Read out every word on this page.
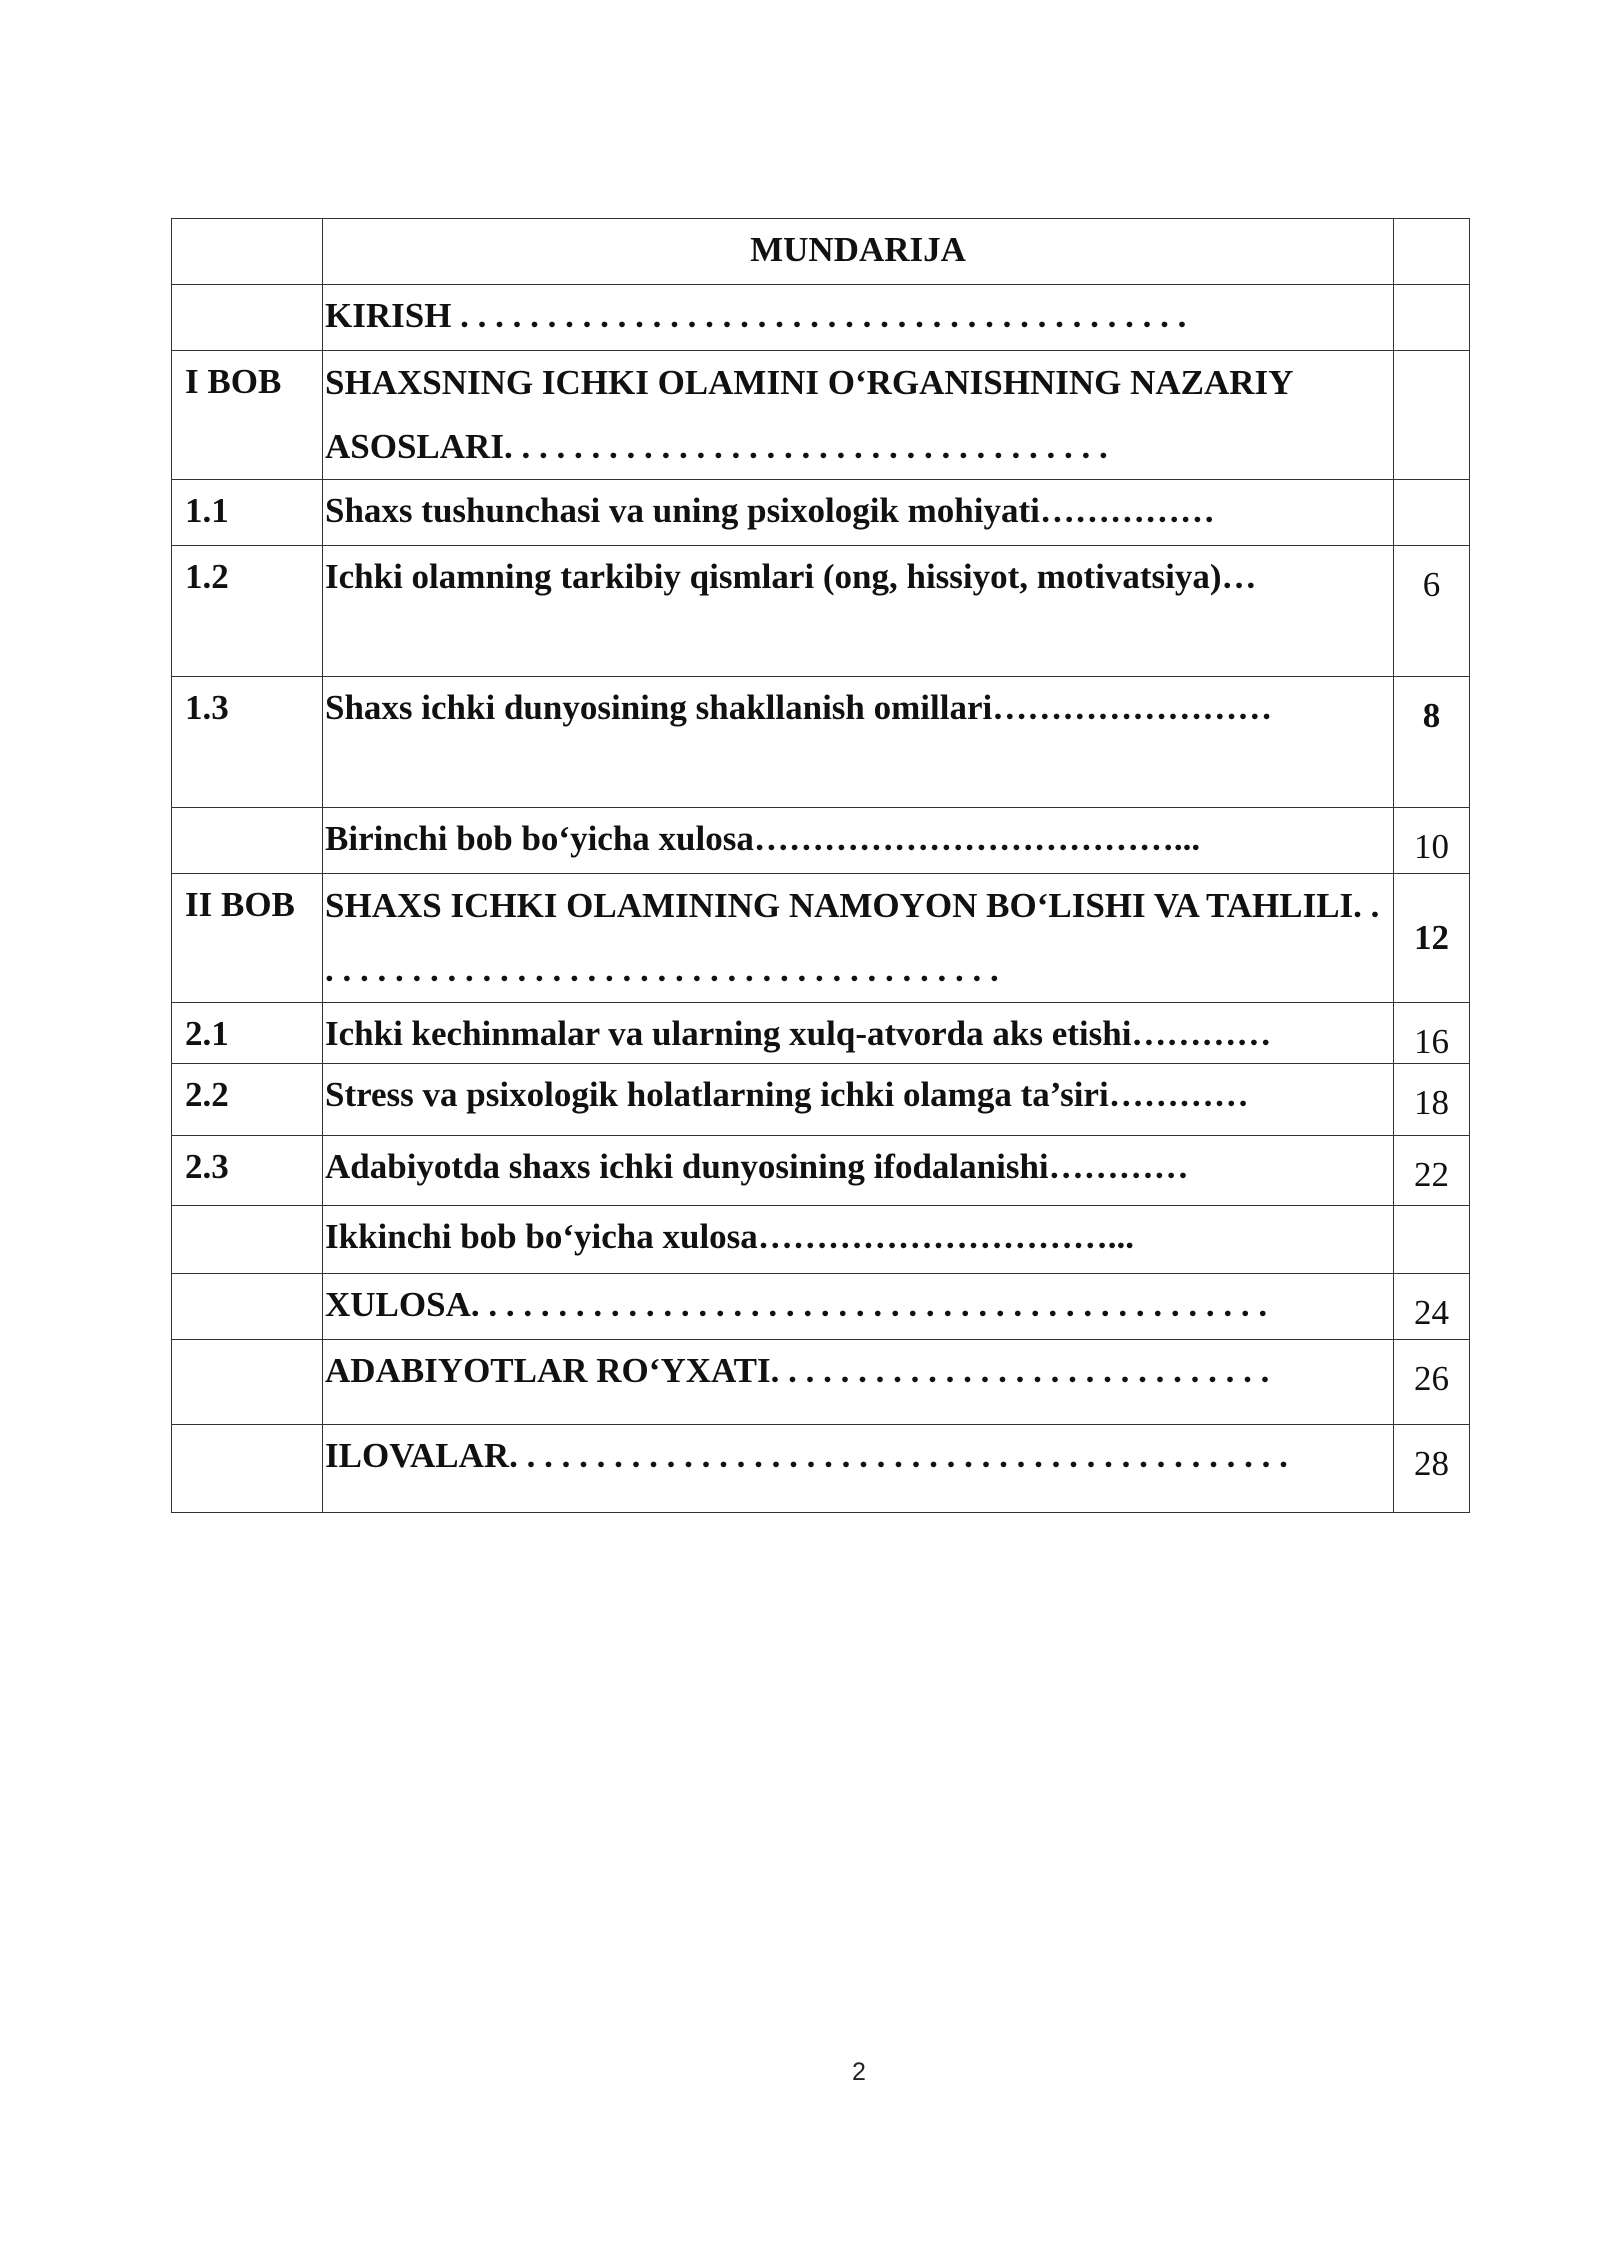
	MUNDARIJA	
	KIRISH . . . . . . . . . . . . . . . . . . . . . . . . . . . . . . . . . . . . . . . . . .	
I BOB	SHAXSNING ICHKI OLAMINI O‘RGANISHNING NAZARIY ASOSLARI. . . . . . . . . . . . . . . . . . . . . . . . . . . . . . . . . . .	
1.1	Shaxs tushunchasi va uning psixologik mohiyati……………	
1.2	Ichki olamning tarkibiy qismlari (ong, hissiyot, motivatsiya)…	6
1.3	Shaxs ichki dunyosining shakllanish omillari……………………	8
	Birinchi bob bo‘yicha xulosa………………………………...	10
II BOB	SHAXS ICHKI OLAMINING NAMOYON BO‘LISHI VA TAHLILI. . . . . . . . . . . . . . . . . . . . . . . . . . . . . . . . . . . . . . . . .	12
2.1	Ichki kechinmalar va ularning xulq-atvorda aks etishi…………	16
2.2	Stress va psixologik holatlarning ichki olamga ta’siri…………	18
2.3	Adabiyotda shaxs ichki dunyosining ifodalanishi…………	22
	Ikkinchi bob bo‘yicha xulosa…………………………...	
	XULOSA. . . . . . . . . . . . . . . . . . . . . . . . . . . . . . . . . . . . . . . . . . . . . .	24
	ADABIYOTLAR RO‘YXATI. . . . . . . . . . . . . . . . . . . . . . . . . . . . .	26
	ILOVALAR. . . . . . . . . . . . . . . . . . . . . . . . . . . . . . . . . . . . . . . . . . . . .	28
2
